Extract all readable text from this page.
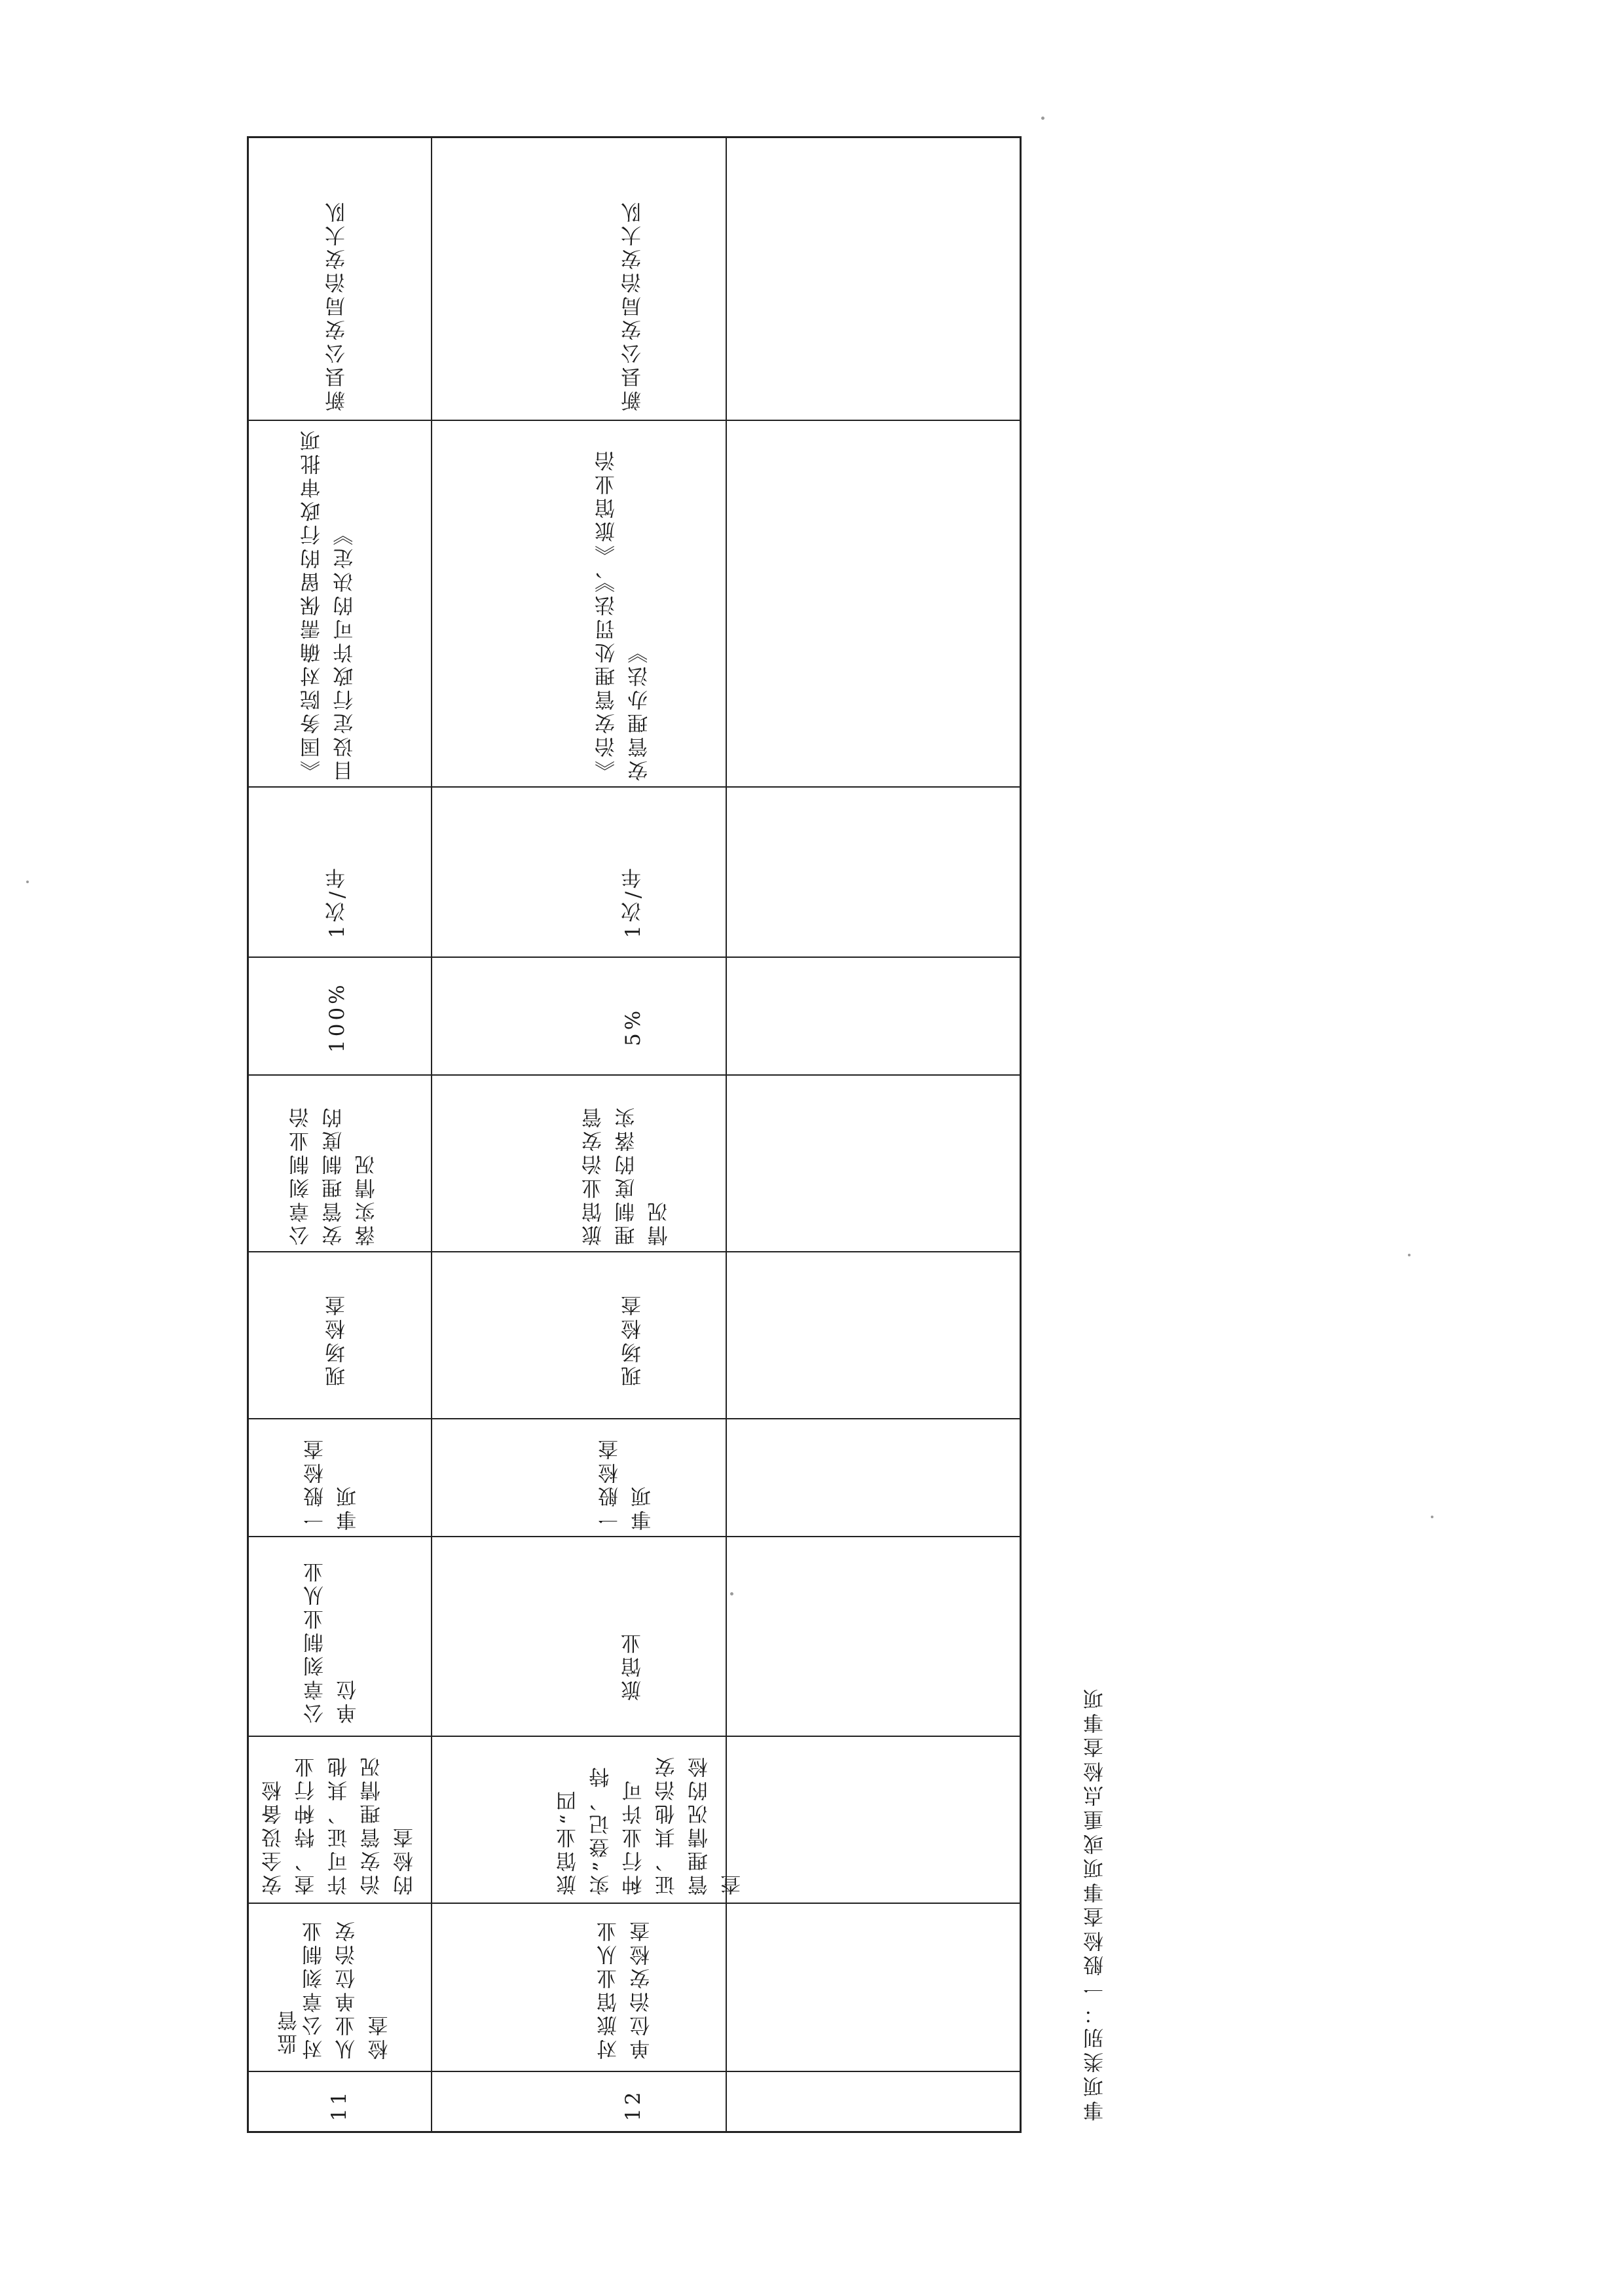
监管
11
对公章刻制业从业单位治安检查
安全设备检查、特种行业许可证、其他治安管理情况的检查
公章刻制业从业单位
一般检查事项
现场检查
公章刻制业治安管理制度的落实情况
100%
1次/年
《国务院对确需保留的行政审批项目设定行政许可的决定》
新县公安局治安大队
12
对旅馆业从业单位治安检查
旅馆业“四实”登记、特种行业许可证、其他治安管理情况的检查
旅馆业
一般检查事项
现场检查
旅馆业治安管理制度的落实情况
5%
1次/年
《治安管理处罚法》、《旅馆业治安管理办法》
新县公安局治安大队
事项类别：一般检查事项或重点检查事项
